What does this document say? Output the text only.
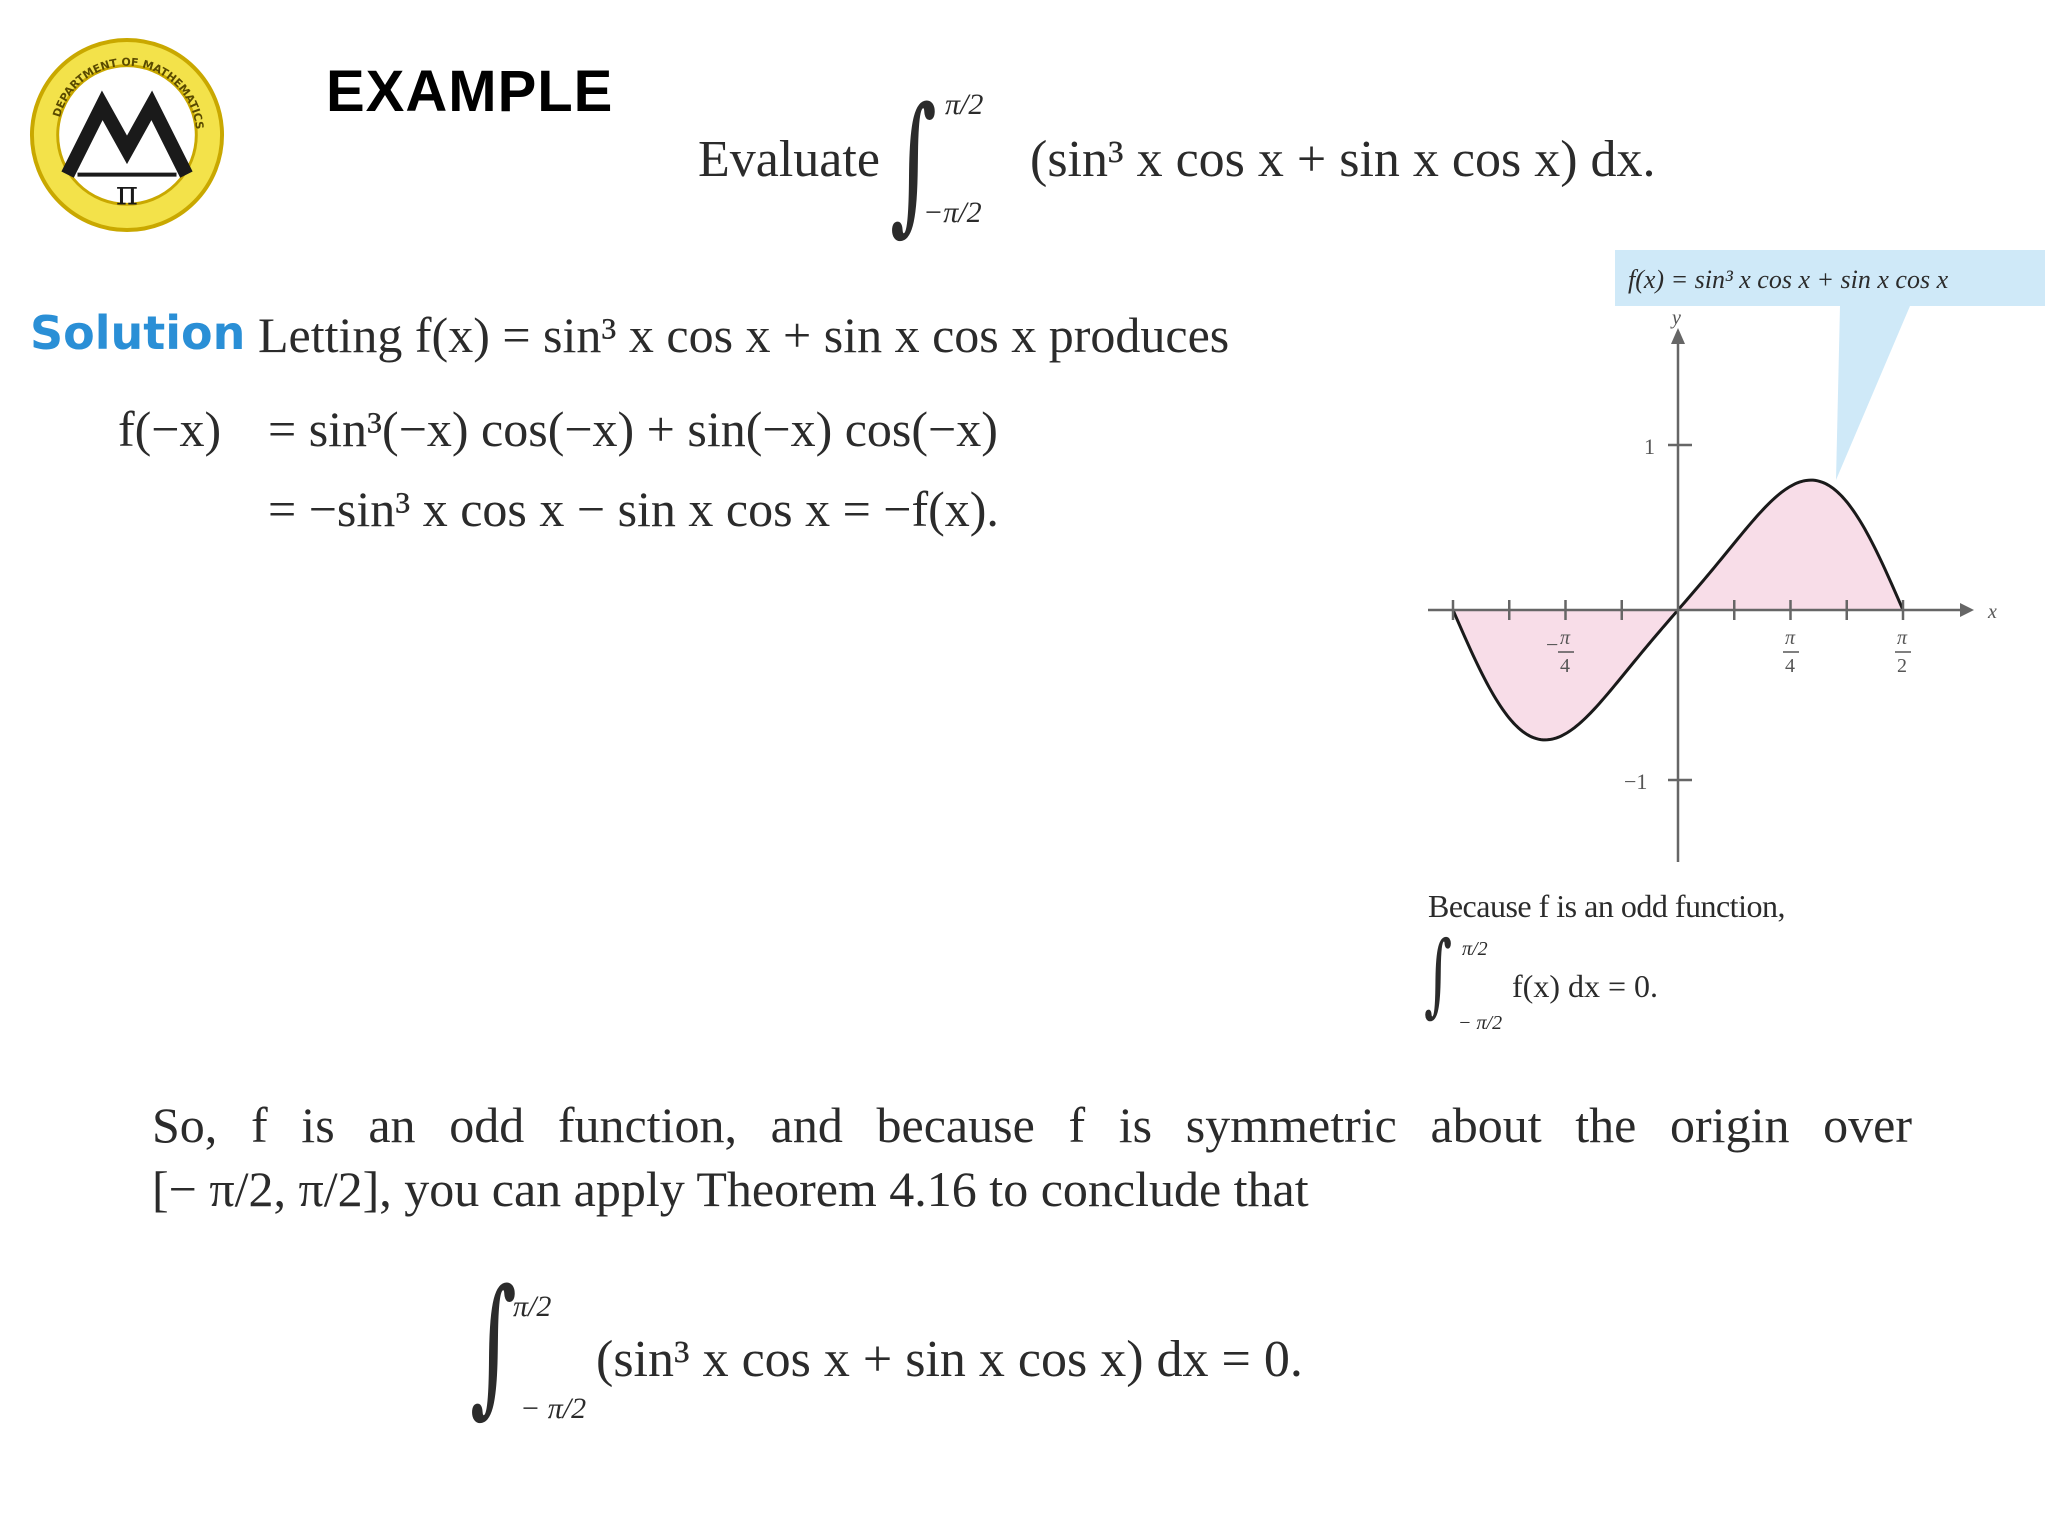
DEPARTMENT OF MATHEMATICS
π
EXAMPLE
Evaluate ∫ π/2
−π/2
(sin³ x cos x + sin x cos x) dx.
Solution Letting f(x) = sin³ x cos x + sin x cos x produces
f(−x) = sin³(−x) cos(−x) + sin(−x) cos(−x)
= −sin³ x cos x − sin x cos x = −f(x).
f(x) = sin³ x cos x + sin x cos x
y
x
1
−1
− π
4
π
4
π
2
Because f is an odd function,
∫ π/2
− π/2
f(x) dx = 0.
So, f is an odd function, and because f is symmetric about the origin over
[− π/2, π/2], you can apply Theorem 4.16 to conclude that
∫
π/2
− π/2
(sin³ x cos x + sin x cos x) dx = 0.
